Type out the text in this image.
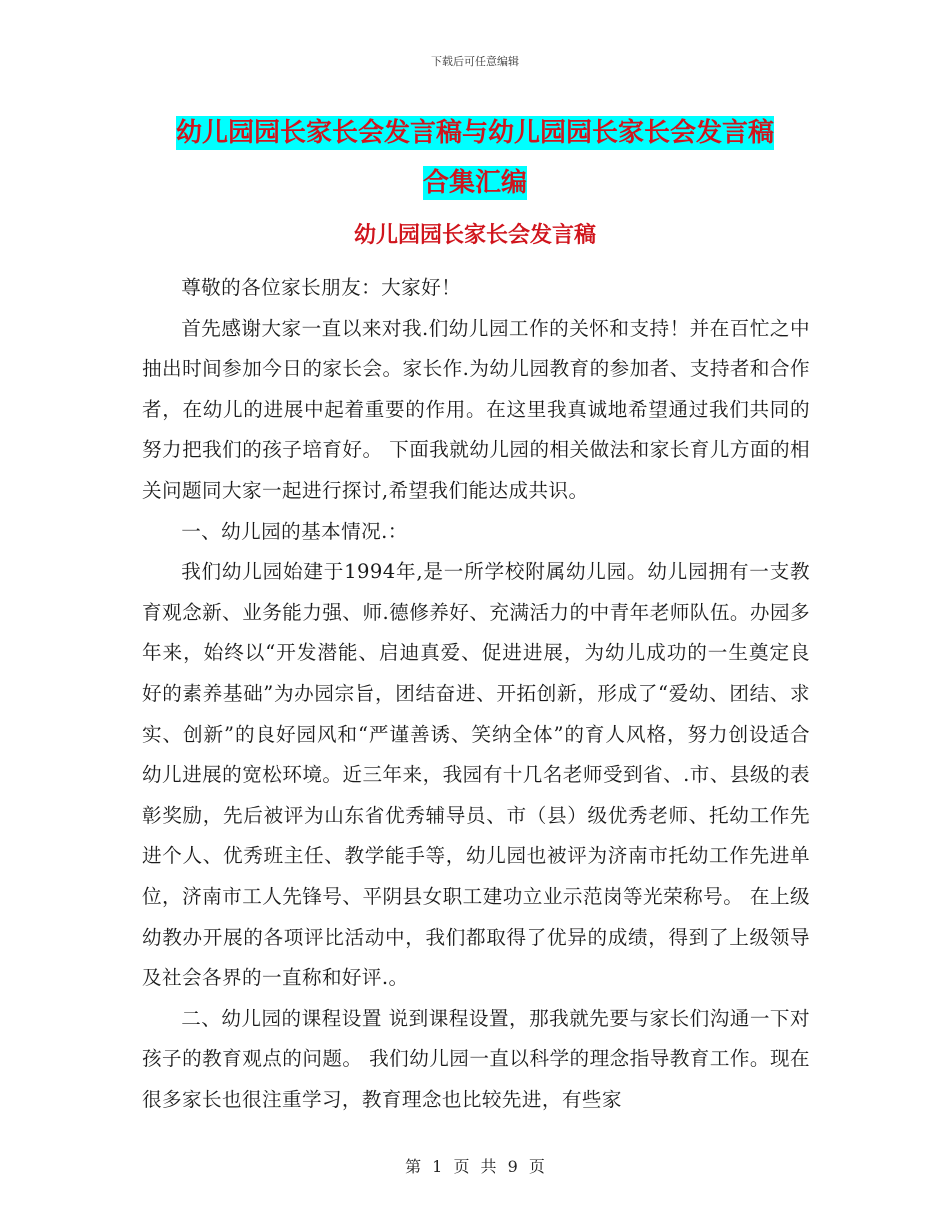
下载后可任意编辑
幼儿园园长家长会发言稿与幼儿园园长家长会发言稿
合集汇编
幼儿园园长家长会发言稿

尊敬的各位家长朋友：大家好！

首先感谢大家一直以来对我.们幼儿园工作的关怀和支持！并在百忙之中抽出时间参加今日的家长会。家长作.为幼儿园教育的参加者、支持者和合作者，在幼儿的进展中起着重要的作用。在这里我真诚地希望通过我们共同的努力把我们的孩子培育好。 下面我就幼儿园的相关做法和家长育儿方面的相关问题同大家一起进行探讨,希望我们能达成共识。

一、幼儿园的基本情况.：

我们幼儿园始建于1994年,是一所学校附属幼儿园。幼儿园拥有一支教育观念新、业务能力强、师.德修养好、充满活力的中青年老师队伍。办园多年来，始终以“开发潜能、启迪真爱、促进进展，为幼儿成功的一生奠定良好的素养基础”为办园宗旨，团结奋进、开拓创新，形成了“爱幼、团结、求实、创新”的良好园风和“严谨善诱、笑纳全体”的育人风格，努力创设适合幼儿进展的宽松环境。近三年来，我园有十几名老师受到省、.市、县级的表彰奖励，先后被评为山东省优秀辅导员、市（县）级优秀老师、托幼工作先进个人、优秀班主任、教学能手等，幼儿园也被评为济南市托幼工作先进单位，济南市工人先锋号、平阴县女职工建功立业示范岗等光荣称号。 在上级幼教办开展的各项评比活动中，我们都取得了优异的成绩，得到了上级领导及社会各界的一直称和好评.。

二、幼儿园的课程设置 说到课程设置，那我就先要与家长们沟通一下对孩子的教育观点的问题。 我们幼儿园一直以科学的理念指导教育工作。现在很多家长也很注重学习，教育理念也比较先进，有些家

第 1 页 共 9 页
